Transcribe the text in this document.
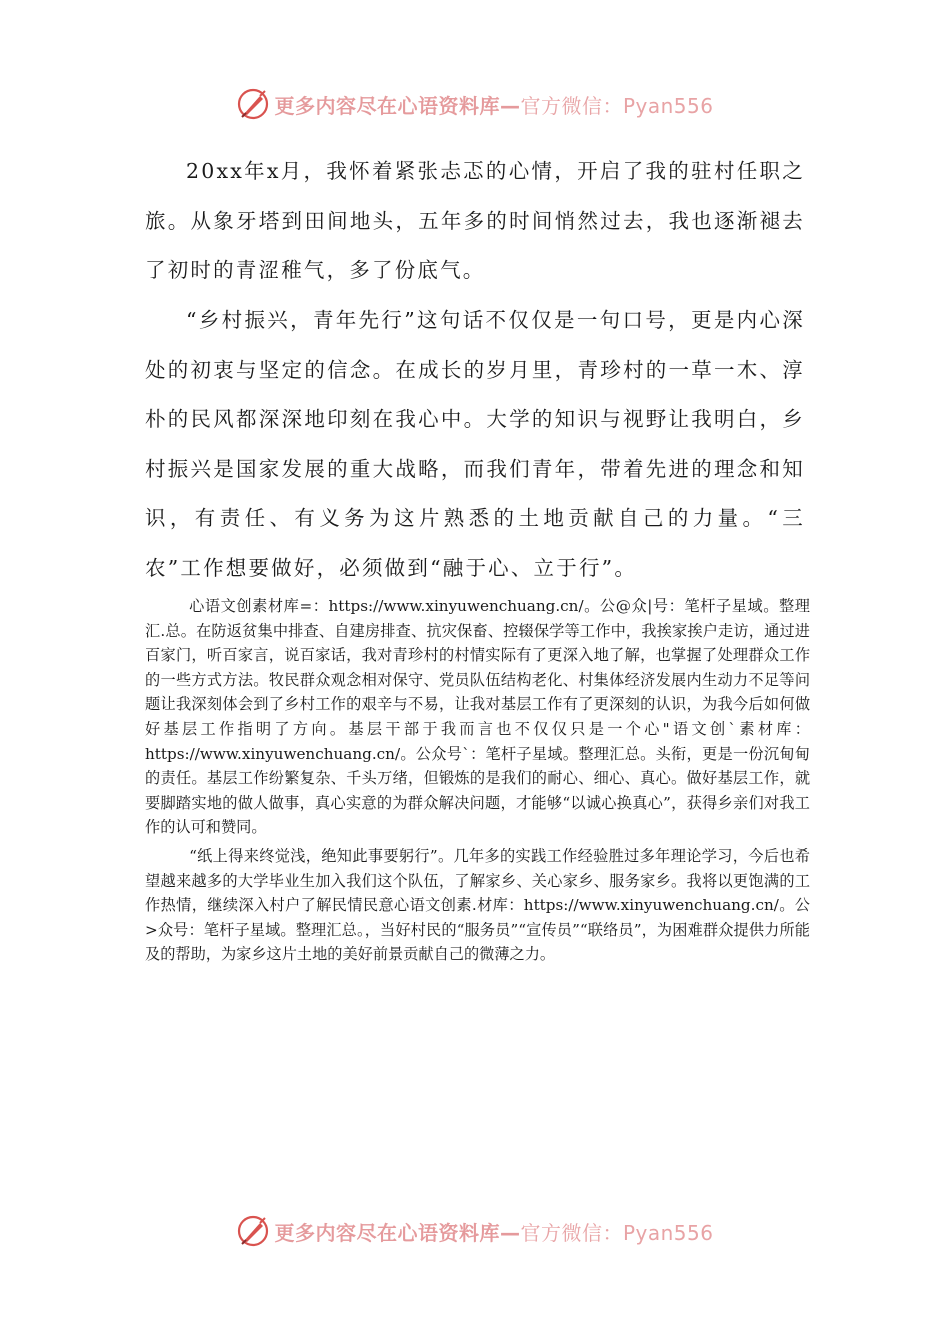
更多内容尽在心语资料库—官方微信：Pyan556

20xx年x月，我怀着紧张忐忑的心情，开启了我的驻村任职之旅。从象牙塔到田间地头，五年多的时间悄然过去，我也逐渐褪去了初时的青涩稚气，多了份底气。

“乡村振兴，青年先行”这句话不仅仅是一句口号，更是内心深处的初衷与坚定的信念。在成长的岁月里，青珍村的一草一木、淳朴的民风都深深地印刻在我心中。大学的知识与视野让我明白，乡村振兴是国家发展的重大战略，而我们青年，带着先进的理念和知识，有责任、有义务为这片熟悉的土地贡献自己的力量。“三农”工作想要做好，必须做到“融于心、立于行”。

心语文创素材库=：https://www.xinyuwenchuang.cn/。公@众|号：笔杆子星域。整理汇.总。在防返贫集中排查、自建房排查、抗灾保畜、控辍保学等工作中，我挨家挨户走访，通过进百家门，听百家言，说百家话，我对青珍村的村情实际有了更深入地了解，也掌握了处理群众工作的一些方式方法。牧民群众观念相对保守、党员队伍结构老化、村集体经济发展内生动力不足等问题让我深刻体会到了乡村工作的艰辛与不易，让我对基层工作有了更深刻的认识，为我今后如何做好基层工作指明了方向。基层干部于我而言也不仅仅只是一个心"语文创`素材库：https://www.xinyuwenchuang.cn/。公众号`：笔杆子星域。整理汇总。头衔，更是一份沉甸甸的责任。基层工作纷繁复杂、千头万绪，但锻炼的是我们的耐心、细心、真心。做好基层工作，就要脚踏实地的做人做事，真心实意的为群众解决问题，才能够“以诚心换真心”，获得乡亲们对我工作的认可和赞同。

“纸上得来终觉浅，绝知此事要躬行”。几年多的实践工作经验胜过多年理论学习，今后也希望越来越多的大学毕业生加入我们这个队伍，了解家乡、关心家乡、服务家乡。我将以更饱满的工作热情，继续深入村户了解民情民意心语文创素.材库：https://www.xinyuwenchuang.cn/。公>众号：笔杆子星域。整理汇总。，当好村民的“服务员”“宣传员”“联络员”，为困难群众提供力所能及的帮助，为家乡这片土地的美好前景贡献自己的微薄之力。

更多内容尽在心语资料库—官方微信：Pyan556
